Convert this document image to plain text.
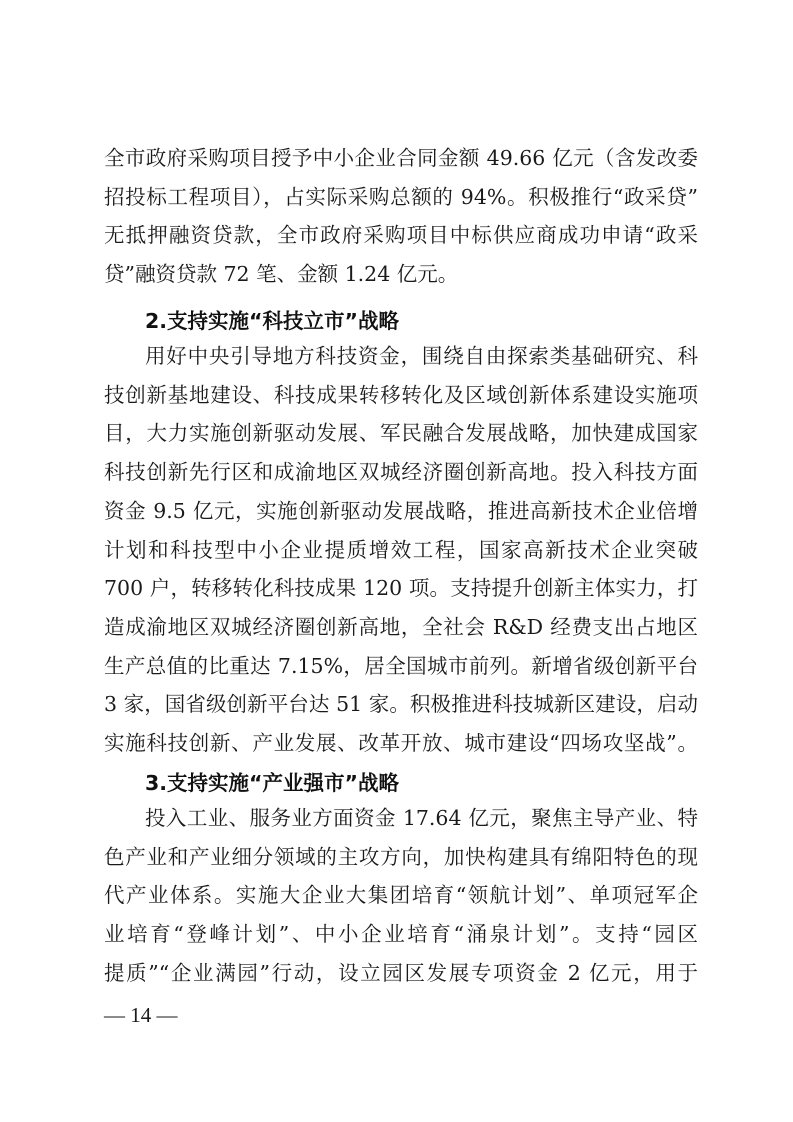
全市政府采购项目授予中小企业合同金额 49.66 亿元（含发改委
招投标工程项目），占实际采购总额的 94%。积极推行“政采贷”
无抵押融资贷款，全市政府采购项目中标供应商成功申请“政采
贷”融资贷款 72 笔、金额 1.24 亿元。
2.支持实施“科技立市”战略
用好中央引导地方科技资金，围绕自由探索类基础研究、科
技创新基地建设、科技成果转移转化及区域创新体系建设实施项
目，大力实施创新驱动发展、军民融合发展战略，加快建成国家
科技创新先行区和成渝地区双城经济圈创新高地。投入科技方面
资金 9.5 亿元，实施创新驱动发展战略，推进高新技术企业倍增
计划和科技型中小企业提质增效工程，国家高新技术企业突破
700 户，转移转化科技成果 120 项。支持提升创新主体实力，打
造成渝地区双城经济圈创新高地，全社会 R&D 经费支出占地区
生产总值的比重达 7.15%，居全国城市前列。新增省级创新平台
3 家，国省级创新平台达 51 家。积极推进科技城新区建设，启动
实施科技创新、产业发展、改革开放、城市建设“四场攻坚战”。
3.支持实施“产业强市”战略
投入工业、服务业方面资金 17.64 亿元，聚焦主导产业、特
色产业和产业细分领域的主攻方向，加快构建具有绵阳特色的现
代产业体系。实施大企业大集团培育“领航计划”、单项冠军企
业培育“登峰计划”、中小企业培育“涌泉计划”。支持“园区
提质”“企业满园”行动，设立园区发展专项资金 2 亿元，用于
— 14 —
